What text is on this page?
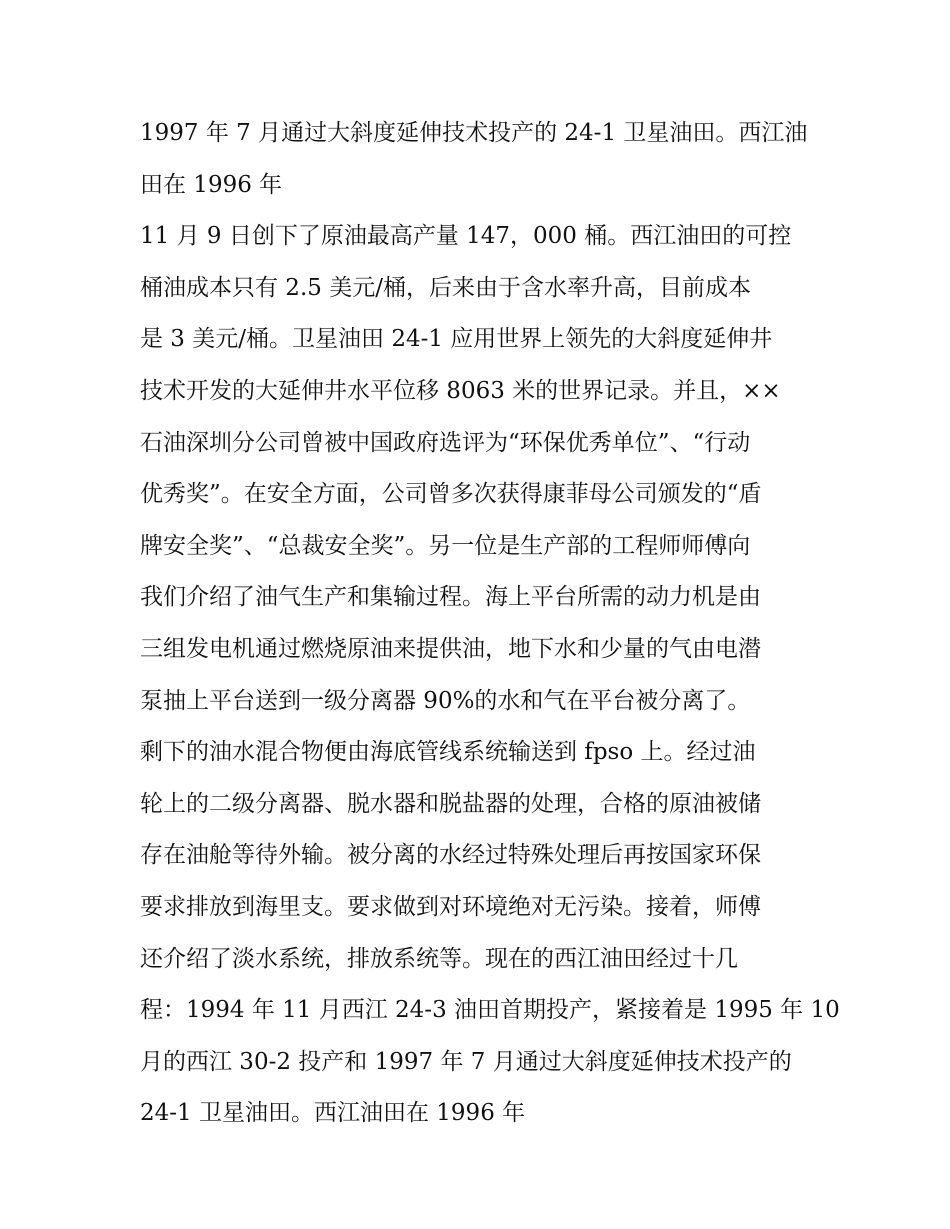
1997 年 7 月通过大斜度延伸技术投产的 24-1 卫星油田。西江油
田在 1996 年
11 月 9 日创下了原油最高产量 147，000 桶。西江油田的可控
桶油成本只有 2.5 美元/桶，后来由于含水率升高，目前成本
是 3 美元/桶。卫星油田 24-1 应用世界上领先的大斜度延伸井
技术开发的大延伸井水平位移 8063 米的世界记录。并且，××
石油深圳分公司曾被中国政府选评为“环保优秀单位”、“行动
优秀奖”。在安全方面，公司曾多次获得康菲母公司颁发的“盾
牌安全奖”、“总裁安全奖”。另一位是生产部的工程师师傅向
我们介绍了油气生产和集输过程。海上平台所需的动力机是由
三组发电机通过燃烧原油来提供油，地下水和少量的气由电潜
泵抽上平台送到一级分离器 90%的水和气在平台被分离了。
剩下的油水混合物便由海底管线系统输送到 fpso 上。经过油
轮上的二级分离器、脱水器和脱盐器的处理，合格的原油被储
存在油舱等待外输。被分离的水经过特殊处理后再按国家环保
要求排放到海里支。要求做到对环境绝对无污染。接着，师傅
还介绍了淡水系统，排放系统等。现在的西江油田经过十几
程：1994 年 11 月西江 24-3 油田首期投产，紧接着是 1995 年 10
月的西江 30-2 投产和 1997 年 7 月通过大斜度延伸技术投产的
24-1 卫星油田。西江油田在 1996 年
